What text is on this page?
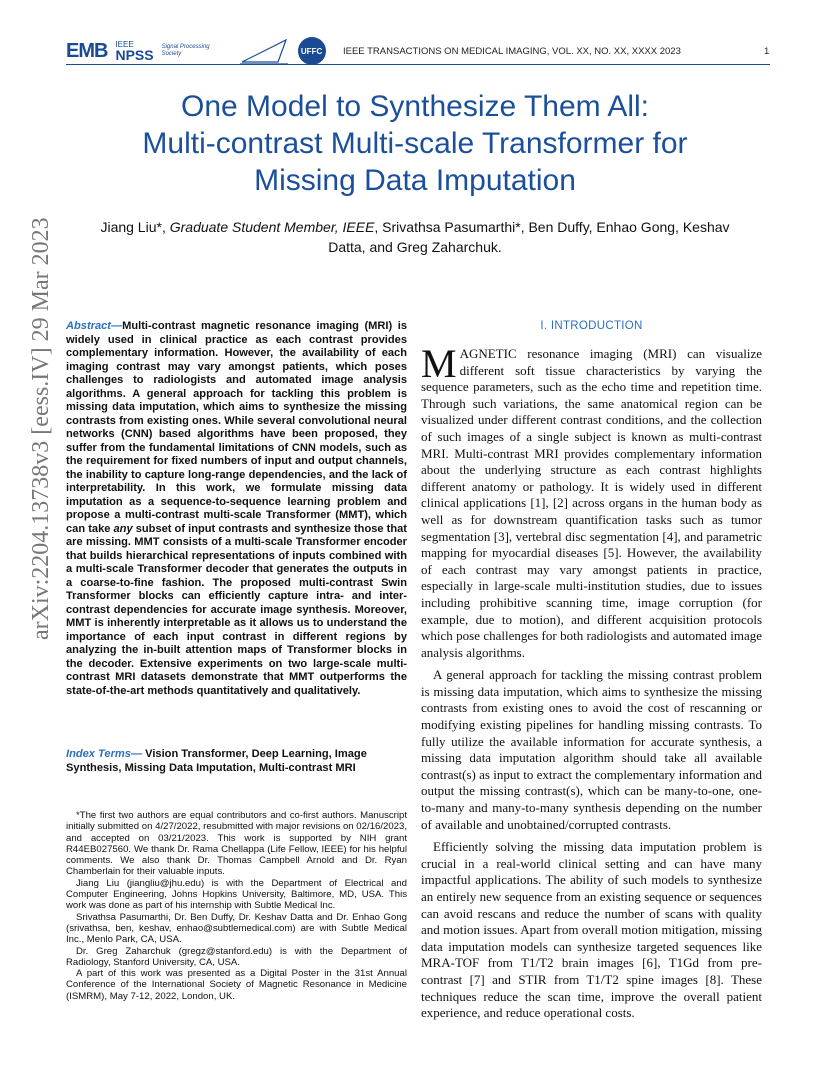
EMB IEEE
NPSS Signal Processing Society	UFFC	IEEE TRANSACTIONS ON MEDICAL IMAGING, VOL. XX, NO. XX, XXXX 2023	1
One Model to Synthesize Them All:
Multi-contrast Multi-scale Transformer for
Missing Data Imputation
Jiang Liu*, Graduate Student Member, IEEE, Srivathsa Pasumarthi*, Ben Duffy, Enhao Gong, Keshav Datta, and Greg Zaharchuk.
arXiv:2204.13738v3 [eess.IV] 29 Mar 2023 Abstract—Multi-contrast magnetic resonance imaging (MRI) is widely used in clinical practice as each contrast provides complementary information. However, the availability of each imaging contrast may vary amongst patients, which poses challenges to radiologists and automated image analysis algorithms. A general approach for tackling this problem is missing data imputation, which aims to synthesize the missing contrasts from existing ones. While several convolutional neural networks (CNN) based algorithms have been proposed, they suffer from the fundamental limitations of CNN models, such as the requirement for fixed numbers of input and output channels, the inability to capture long-range dependencies, and the lack of interpretability. In this work, we formulate missing data imputation as a sequence-to-sequence learning problem and propose a multi-contrast multi-scale Transformer (MMT), which can take any subset of input contrasts and synthesize those that are missing. MMT consists of a multi-scale Transformer encoder that builds hierarchical representations of inputs combined with a multi-scale Transformer decoder that generates the outputs in a coarse-to-fine fashion. The proposed multi-contrast Swin Transformer blocks can efficiently capture intra- and inter-contrast dependencies for accurate image synthesis. Moreover, MMT is inherently interpretable as it allows us to understand the importance of each input contrast in different regions by analyzing the in-built attention maps of Transformer blocks in the decoder. Extensive experiments on two large-scale multi-contrast MRI datasets demonstrate that MMT outperforms the state-of-the-art methods quantitatively and qualitatively.
Index Terms— Vision Transformer, Deep Learning, Image Synthesis, Missing Data Imputation, Multi-contrast MRI

*The first two authors are equal contributors and co-first authors. Manuscript initially submitted on 4/27/2022, resubmitted with major revisions on 02/16/2023, and accepted on 03/21/2023. This work is supported by NIH grant R44EB027560. We thank Dr. Rama Chellappa (Life Fellow, IEEE) for his helpful comments. We also thank Dr. Thomas Campbell Arnold and Dr. Ryan Chamberlain for their valuable inputs.

Jiang Liu (jiangliu@jhu.edu) is with the Department of Electrical and Computer Engineering, Johns Hopkins University, Baltimore, MD, USA. This work was done as part of his internship with Subtle Medical Inc.

Srivathsa Pasumarthi, Dr. Ben Duffy, Dr. Keshav Datta and Dr. Enhao Gong (srivathsa, ben, keshav, enhao@subtlemedical.com) are with Subtle Medical Inc., Menlo Park, CA, USA.

Dr. Greg Zaharchuk (gregz@stanford.edu) is with the Department of Radiology, Stanford University, CA, USA.

A part of this work was presented as a Digital Poster in the 31st Annual Conference of the International Society of Magnetic Resonance in Medicine (ISMRM), May 7-12, 2022, London, UK.

I. INTRODUCTION

MAGNETIC resonance imaging (MRI) can visualize different soft tissue characteristics by varying the sequence parameters, such as the echo time and repetition time. Through such variations, the same anatomical region can be visualized under different contrast conditions, and the collection of such images of a single subject is known as multi-contrast MRI. Multi-contrast MRI provides complementary information about the underlying structure as each contrast highlights different anatomy or pathology. It is widely used in different clinical applications [1], [2] across organs in the human body as well as for downstream quantification tasks such as tumor segmentation [3], vertebral disc segmentation [4], and parametric mapping for myocardial diseases [5]. However, the availability of each contrast may vary amongst patients in practice, especially in large-scale multi-institution studies, due to issues including prohibitive scanning time, image corruption (for example, due to motion), and different acquisition protocols which pose challenges for both radiologists and automated image analysis algorithms.

A general approach for tackling the missing contrast problem is missing data imputation, which aims to synthesize the missing contrasts from existing ones to avoid the cost of rescanning or modifying existing pipelines for handling missing contrasts. To fully utilize the available information for accurate synthesis, a missing data imputation algorithm should take all available contrast(s) as input to extract the complementary information and output the missing contrast(s), which can be many-to-one, one-to-many and many-to-many synthesis depending on the number of available and unobtained/corrupted contrasts.

Efficiently solving the missing data imputation problem is crucial in a real-world clinical setting and can have many impactful applications. The ability of such models to synthesize an entirely new sequence from an existing sequence or sequences can avoid rescans and reduce the number of scans with quality and motion issues. Apart from overall motion mitigation, missing data imputation models can synthesize targeted sequences like MRA-TOF from T1/T2 brain images [6], T1Gd from pre-contrast [7] and STIR from T1/T2 spine images [8]. These techniques reduce the scan time, improve the overall patient experience, and reduce operational costs.
